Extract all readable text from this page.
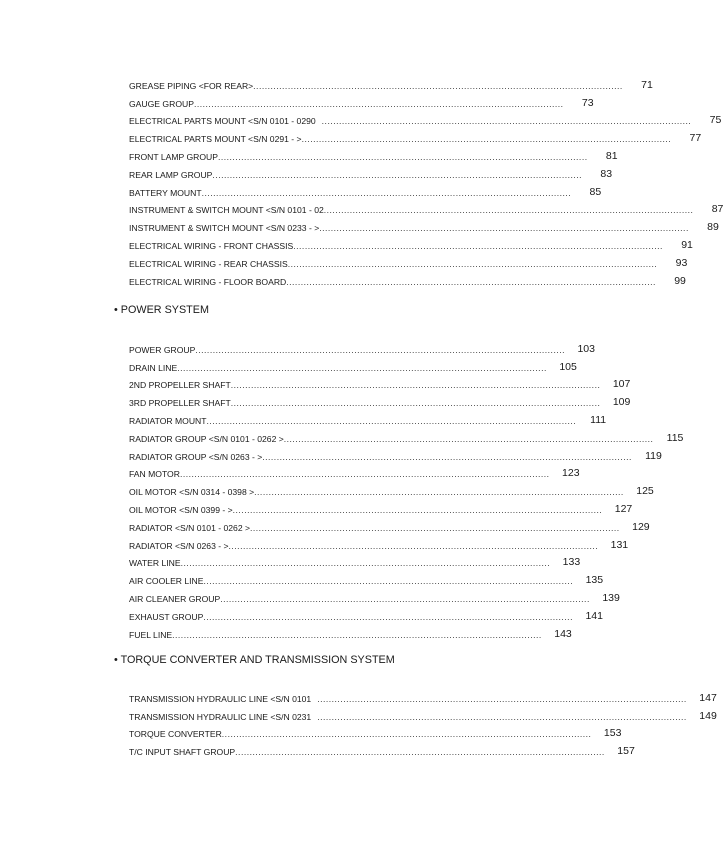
GREASE PIPING <FOR REAR> ................................................................................................................................	71
GAUGE GROUP ................................................................................................................................	73
ELECTRICAL PARTS MOUNT <S/N 0101 - 0290 ................................................................................................................................	75
ELECTRICAL PARTS MOUNT <S/N 0291 - > ................................................................................................................................	77
FRONT LAMP GROUP ................................................................................................................................	81
REAR LAMP GROUP ................................................................................................................................	83
BATTERY MOUNT ................................................................................................................................	85
INSTRUMENT & SWITCH MOUNT <S/N 0101 - 02 ................................................................................................................................	87
INSTRUMENT & SWITCH MOUNT <S/N 0233 - > ................................................................................................................................	89
ELECTRICAL WIRING - FRONT CHASSIS ................................................................................................................................	91
ELECTRICAL WIRING - REAR CHASSIS ................................................................................................................................	93
ELECTRICAL WIRING - FLOOR BOARD ................................................................................................................................	99
• POWER SYSTEM
POWER GROUP ................................................................................................................................	103
DRAIN LINE ................................................................................................................................	105
2ND PROPELLER SHAFT ................................................................................................................................	107
3RD PROPELLER SHAFT ................................................................................................................................	109
RADIATOR MOUNT ................................................................................................................................	111
RADIATOR GROUP <S/N 0101 - 0262 > ................................................................................................................................	115
RADIATOR GROUP <S/N 0263 - > ................................................................................................................................	119
FAN MOTOR ................................................................................................................................	123
OIL MOTOR <S/N 0314 - 0398 > ................................................................................................................................	125
OIL MOTOR <S/N 0399 - > ................................................................................................................................	127
RADIATOR <S/N 0101 - 0262 > ................................................................................................................................	129
RADIATOR <S/N 0263 - > ................................................................................................................................	131
WATER LINE ................................................................................................................................	133
AIR COOLER LINE ................................................................................................................................	135
AIR CLEANER GROUP ................................................................................................................................	139
EXHAUST GROUP ................................................................................................................................	141
FUEL LINE ................................................................................................................................	143
• TORQUE CONVERTER AND TRANSMISSION SYSTEM
TRANSMISSION HYDRAULIC LINE <S/N 0101 ................................................................................................................................	147
TRANSMISSION HYDRAULIC LINE <S/N 0231 ................................................................................................................................	149
TORQUE CONVERTER ................................................................................................................................	153
T/C INPUT SHAFT GROUP ................................................................................................................................	157
